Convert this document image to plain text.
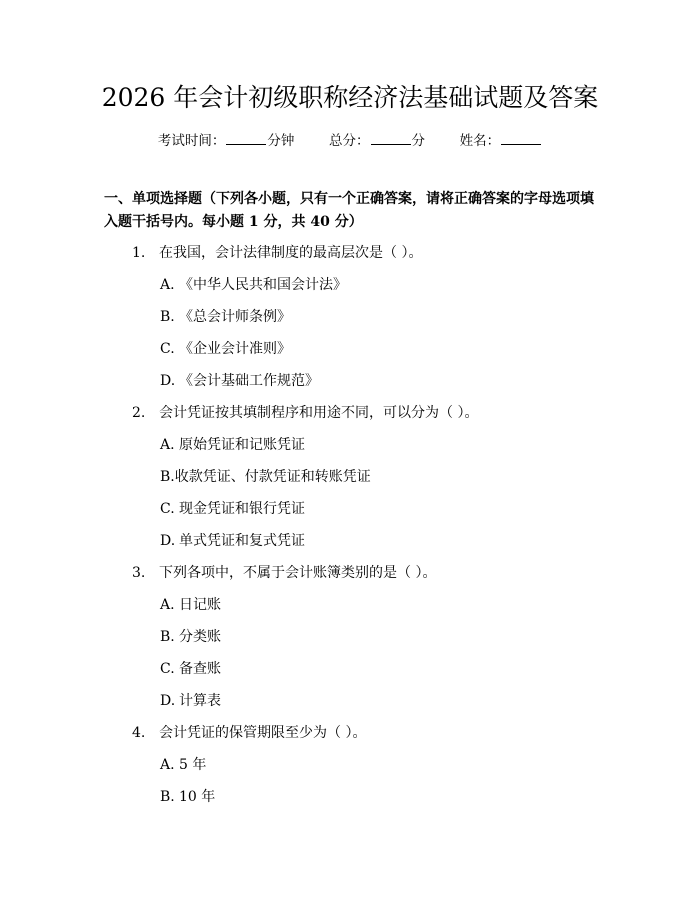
2026 年会计初级职称经济法基础试题及答案
考试时间：	分钟	总分：	分	姓名：
一、单项选择题（下列各小题，只有一个正确答案，请将正确答案的字母选项填入题干括号内。每小题 1 分，共 40 分）
1. 在我国，会计法律制度的最高层次是（ ）。
A. 《中华人民共和国会计法》
B. 《总会计师条例》
C. 《企业会计准则》
D. 《会计基础工作规范》
2. 会计凭证按其填制程序和用途不同，可以分为（ ）。
A. 原始凭证和记账凭证
B.收款凭证、付款凭证和转账凭证
C. 现金凭证和银行凭证
D. 单式凭证和复式凭证
3. 下列各项中，不属于会计账簿类别的是（ ）。
A. 日记账
B. 分类账
C. 备查账
D. 计算表
4. 会计凭证的保管期限至少为（ ）。
A. 5 年
B. 10 年
